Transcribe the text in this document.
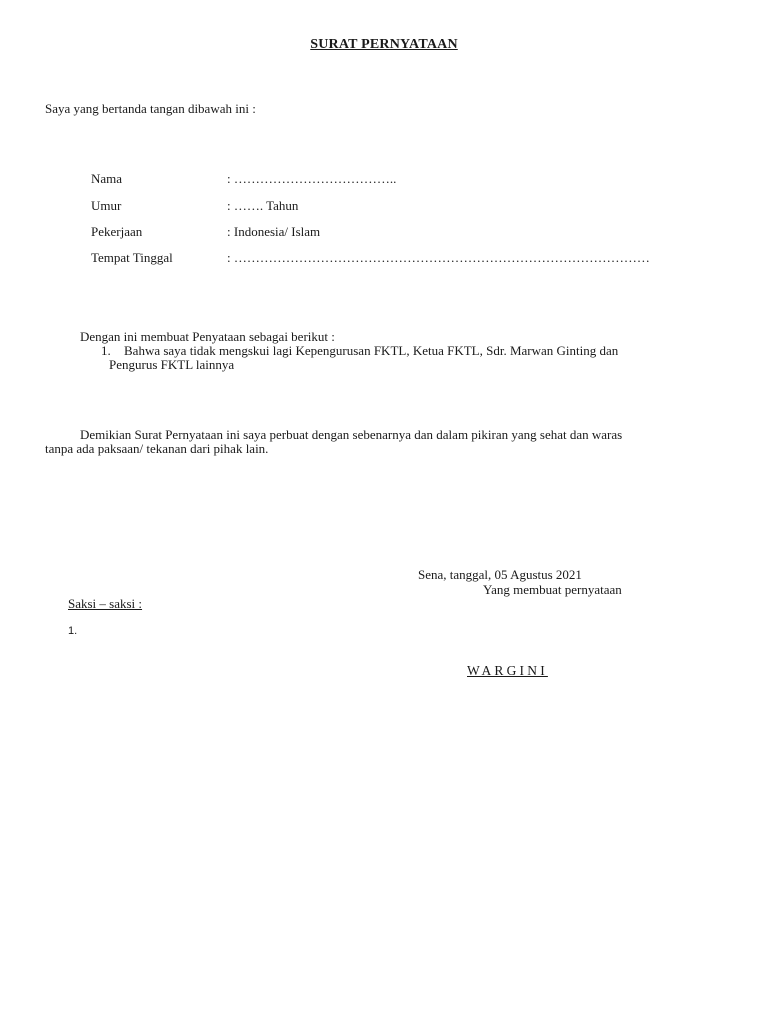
SURAT PERNYATAAN
Saya yang bertanda tangan dibawah ini :
Nama	: ………………………………..
Umur	: ……. Tahun
Pekerjaan	: Indonesia/ Islam
Tempat Tinggal	: ……………………………………………………………………………………
Dengan ini membuat Penyataan sebagai berikut :
1. Bahwa saya tidak mengskui lagi Kepengurusan FKTL, Ketua FKTL, Sdr. Marwan Ginting dan
Pengurus FKTL lainnya
Demikian Surat Pernyataan ini saya perbuat dengan sebenarnya dan dalam pikiran yang sehat dan waras
tanpa ada paksaan/ tekanan dari pihak lain.
Sena, tanggal, 05 Agustus 2021
Yang membuat pernyataan
Saksi – saksi :
1.
WARGINI
